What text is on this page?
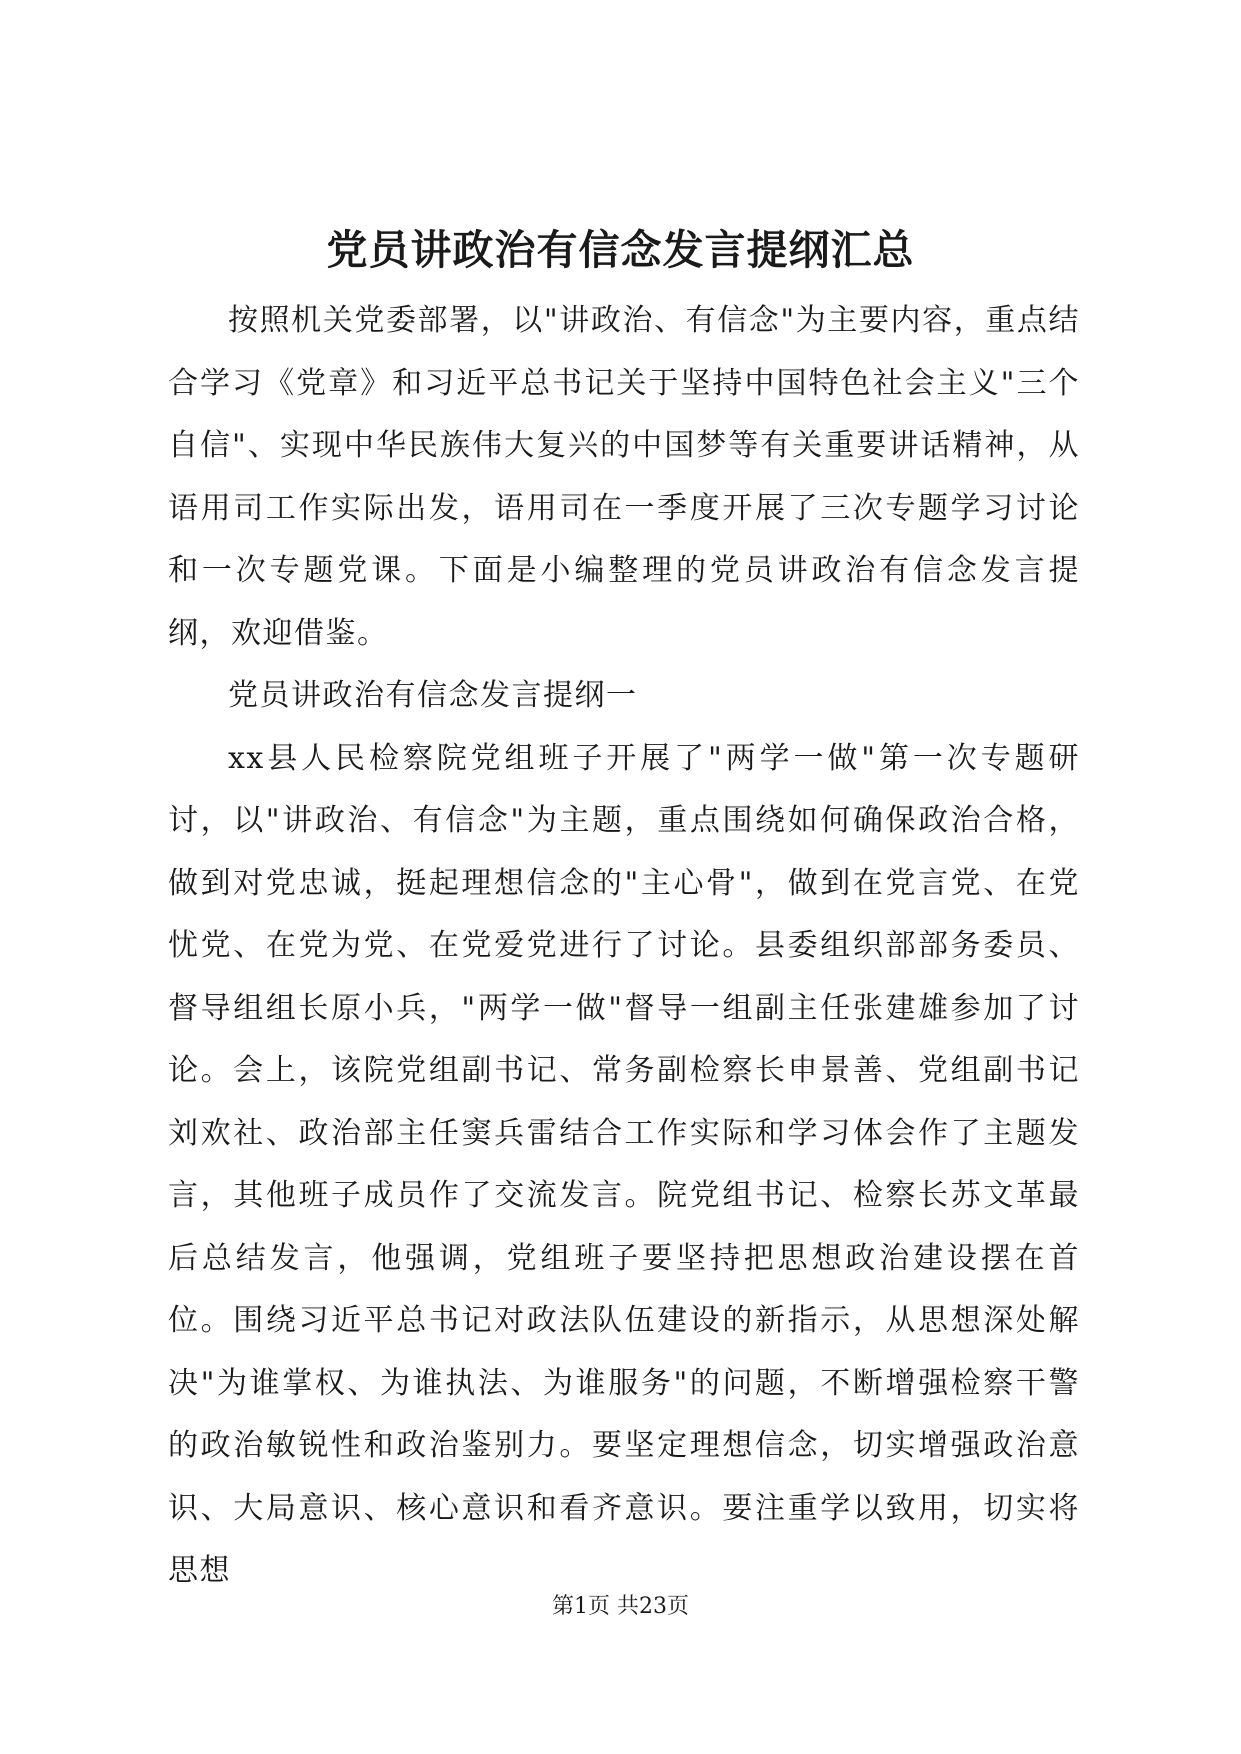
党员讲政治有信念发言提纲汇总

按照机关党委部署，以"讲政治、有信念"为主要内容，重点结合学习《党章》和习近平总书记关于坚持中国特色社会主义"三个自信"、实现中华民族伟大复兴的中国梦等有关重要讲话精神，从语用司工作实际出发，语用司在一季度开展了三次专题学习讨论和一次专题党课。下面是小编整理的党员讲政治有信念发言提纲，欢迎借鉴。

党员讲政治有信念发言提纲一

xx县人民检察院党组班子开展了"两学一做"第一次专题研讨，以"讲政治、有信念"为主题，重点围绕如何确保政治合格，做到对党忠诚，挺起理想信念的"主心骨"，做到在党言党、在党忧党、在党为党、在党爱党进行了讨论。县委组织部部务委员、督导组组长原小兵，"两学一做"督导一组副主任张建雄参加了讨论。会上，该院党组副书记、常务副检察长申景善、党组副书记刘欢社、政治部主任窦兵雷结合工作实际和学习体会作了主题发言，其他班子成员作了交流发言。院党组书记、检察长苏文革最后总结发言，他强调，党组班子要坚持把思想政治建设摆在首位。围绕习近平总书记对政法队伍建设的新指示，从思想深处解决"为谁掌权、为谁执法、为谁服务"的问题，不断增强检察干警的政治敏锐性和政治鉴别力。要坚定理想信念，切实增强政治意识、大局意识、核心意识和看齐意识。要注重学以致用，切实将思想

第1页 共23页
